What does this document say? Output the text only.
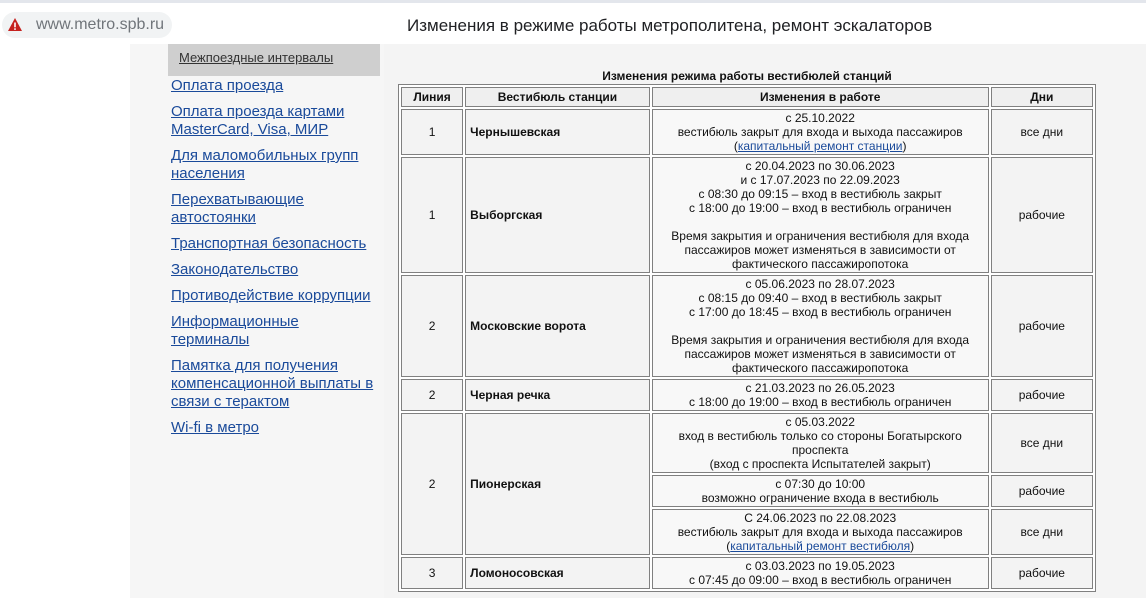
www.metro.spb.ru	Изменения в режиме работы метрополитена, ремонт эскалаторов
Межпоездные интервалы
Оплата проезда
Оплата проезда картами MasterCard, Visa, МИР
Для маломобильных групп населения
Перехватывающие автостоянки
Транспортная безопасность
Законодательство
Противодействие коррупции
Информационные терминалы
Памятка для получения компенсационной выплаты в связи с терактом
Wi-fi в метро
Изменения режима работы вестибюлей станций
Линия	Вестибюль станции	Изменения в работе	Дни
1	Чернышевская	с 25.10.2022
вестибюль закрыт для входа и выхода пассажиров
(капитальный ремонт станции)	все дни
1	Выборгская	с 20.04.2023 по 30.06.2023
и с 17.07.2023 по 22.09.2023
с 08:30 до 09:15 – вход в вестибюль закрыт
с 18:00 до 19:00 – вход в вестибюль ограничен
Время закрытия и ограничения вестибюля для входа пассажиров может изменяться в зависимости от фактического пассажиропотока	рабочие
2	Московские ворота	с 05.06.2023 по 28.07.2023
с 08:15 до 09:40 – вход в вестибюль закрыт
с 17:00 до 18:45 – вход в вестибюль ограничен
Время закрытия и ограничения вестибюля для входа пассажиров может изменяться в зависимости от фактического пассажиропотока	рабочие
2	Черная речка	с 21.03.2023 по 26.05.2023
с 18:00 до 19:00 – вход в вестибюль ограничен	рабочие
2	Пионерская	с 05.03.2022
вход в вестибюль только со стороны Богатырского проспекта
(вход с проспекта Испытателей закрыт)	все дни

		с 07:30 до 10:00
возможно ограничение входа в вестибюль	рабочие

		С 24.06.2023 по 22.08.2023
вестибюль закрыт для входа и выхода пассажиров
(капитальный ремонт вестибюля)	все дни
3	Ломоносовская	с 03.03.2023 по 19.05.2023
с 07:45 до 09:00 – вход в вестибюль ограничен	рабочие
